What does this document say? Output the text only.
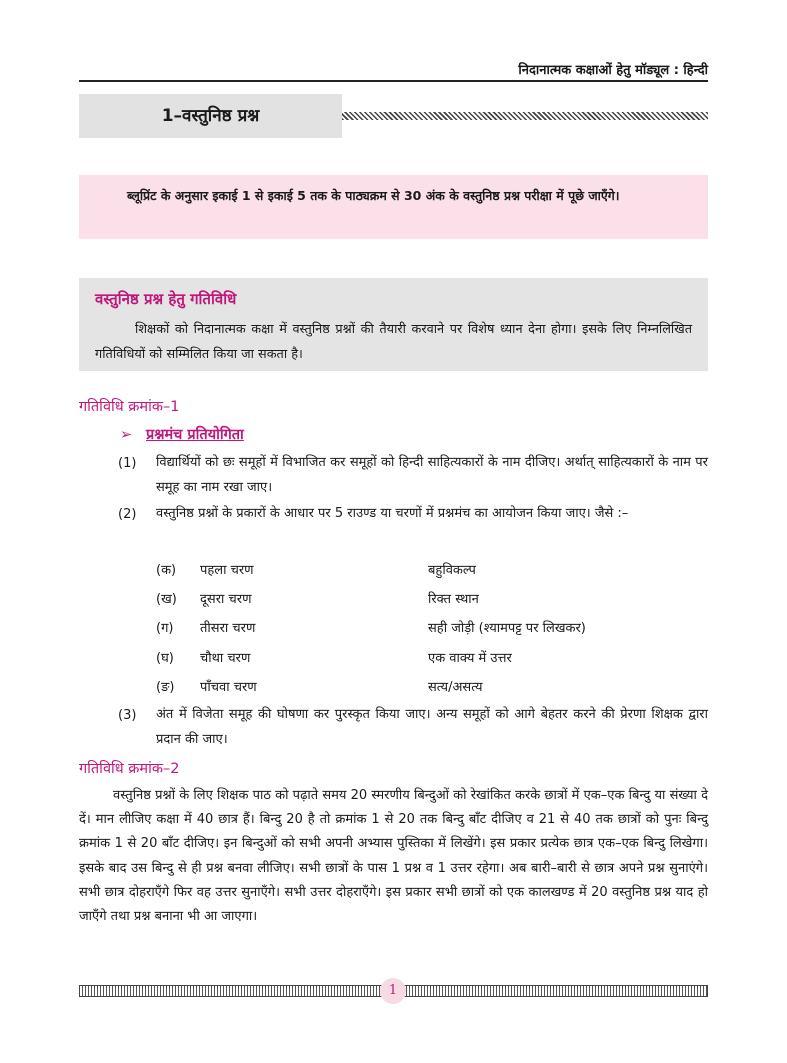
निदानात्मक कक्षाओं हेतु मॉड्यूल : हिन्दी
1–वस्तुनिष्ठ प्रश्न
ब्लूप्रिंट के अनुसार इकाई 1 से इकाई 5 तक के पाठ्यक्रम से 30 अंक के वस्तुनिष्ठ प्रश्न परीक्षा में पूछे जाएँगे।
वस्तुनिष्ठ प्रश्न हेतु गतिविधि
शिक्षकों को निदानात्मक कक्षा में वस्तुनिष्ठ प्रश्नों की तैयारी करवाने पर विशेष ध्यान देना होगा। इसके लिए निम्नलिखित गतिविधियों को सम्मिलित किया जा सकता है।
गतिविधि क्रमांक–1
➢ प्रश्नमंच प्रतियोगिता
(1) विद्यार्थियों को छः समूहों में विभाजित कर समूहों को हिन्दी साहित्यकारों के नाम दीजिए। अर्थात् साहित्यकारों के नाम पर समूह का नाम रखा जाए।
(2) वस्तुनिष्ठ प्रश्नों के प्रकारों के आधार पर 5 राउण्ड या चरणों में प्रश्नमंच का आयोजन किया जाए। जैसे :–
(क) पहला चरण	बहुविकल्प
(ख) दूसरा चरण	रिक्त स्थान
(ग) तीसरा चरण	सही जोड़ी (श्यामपट्ट पर लिखकर)
(घ) चौथा चरण	एक वाक्य में उत्तर
(ङ) पाँचवा चरण	सत्य/असत्य
(3) अंत में विजेता समूह की घोषणा कर पुरस्कृत किया जाए। अन्य समूहों को आगे बेहतर करने की प्रेरणा शिक्षक द्वारा प्रदान की जाए।
गतिविधि क्रमांक–2
वस्तुनिष्ठ प्रश्नों के लिए शिक्षक पाठ को पढ़ाते समय 20 स्मरणीय बिन्दुओं को रेखांकित करके छात्रों में एक–एक बिन्दु या संख्या दे दें। मान लीजिए कक्षा में 40 छात्र हैं। बिन्दु 20 है तो क्रमांक 1 से 20 तक बिन्दु बाँट दीजिए व 21 से 40 तक छात्रों को पुनः बिन्दु क्रमांक 1 से 20 बाँट दीजिए। इन बिन्दुओं को सभी अपनी अभ्यास पुस्तिका में लिखेंगे। इस प्रकार प्रत्येक छात्र एक–एक बिन्दु लिखेगा। इसके बाद उस बिन्दु से ही प्रश्न बनवा लीजिए। सभी छात्रों के पास 1 प्रश्न व 1 उत्तर रहेगा। अब बारी–बारी से छात्र अपने प्रश्न सुनाएंगे। सभी छात्र दोहराएँगे फिर वह उत्तर सुनाएँगे। सभी उत्तर दोहराएँगे। इस प्रकार सभी छात्रों को एक कालखण्ड में 20 वस्तुनिष्ठ प्रश्न याद हो जाएँगे तथा प्रश्न बनाना भी आ जाएगा।
1
